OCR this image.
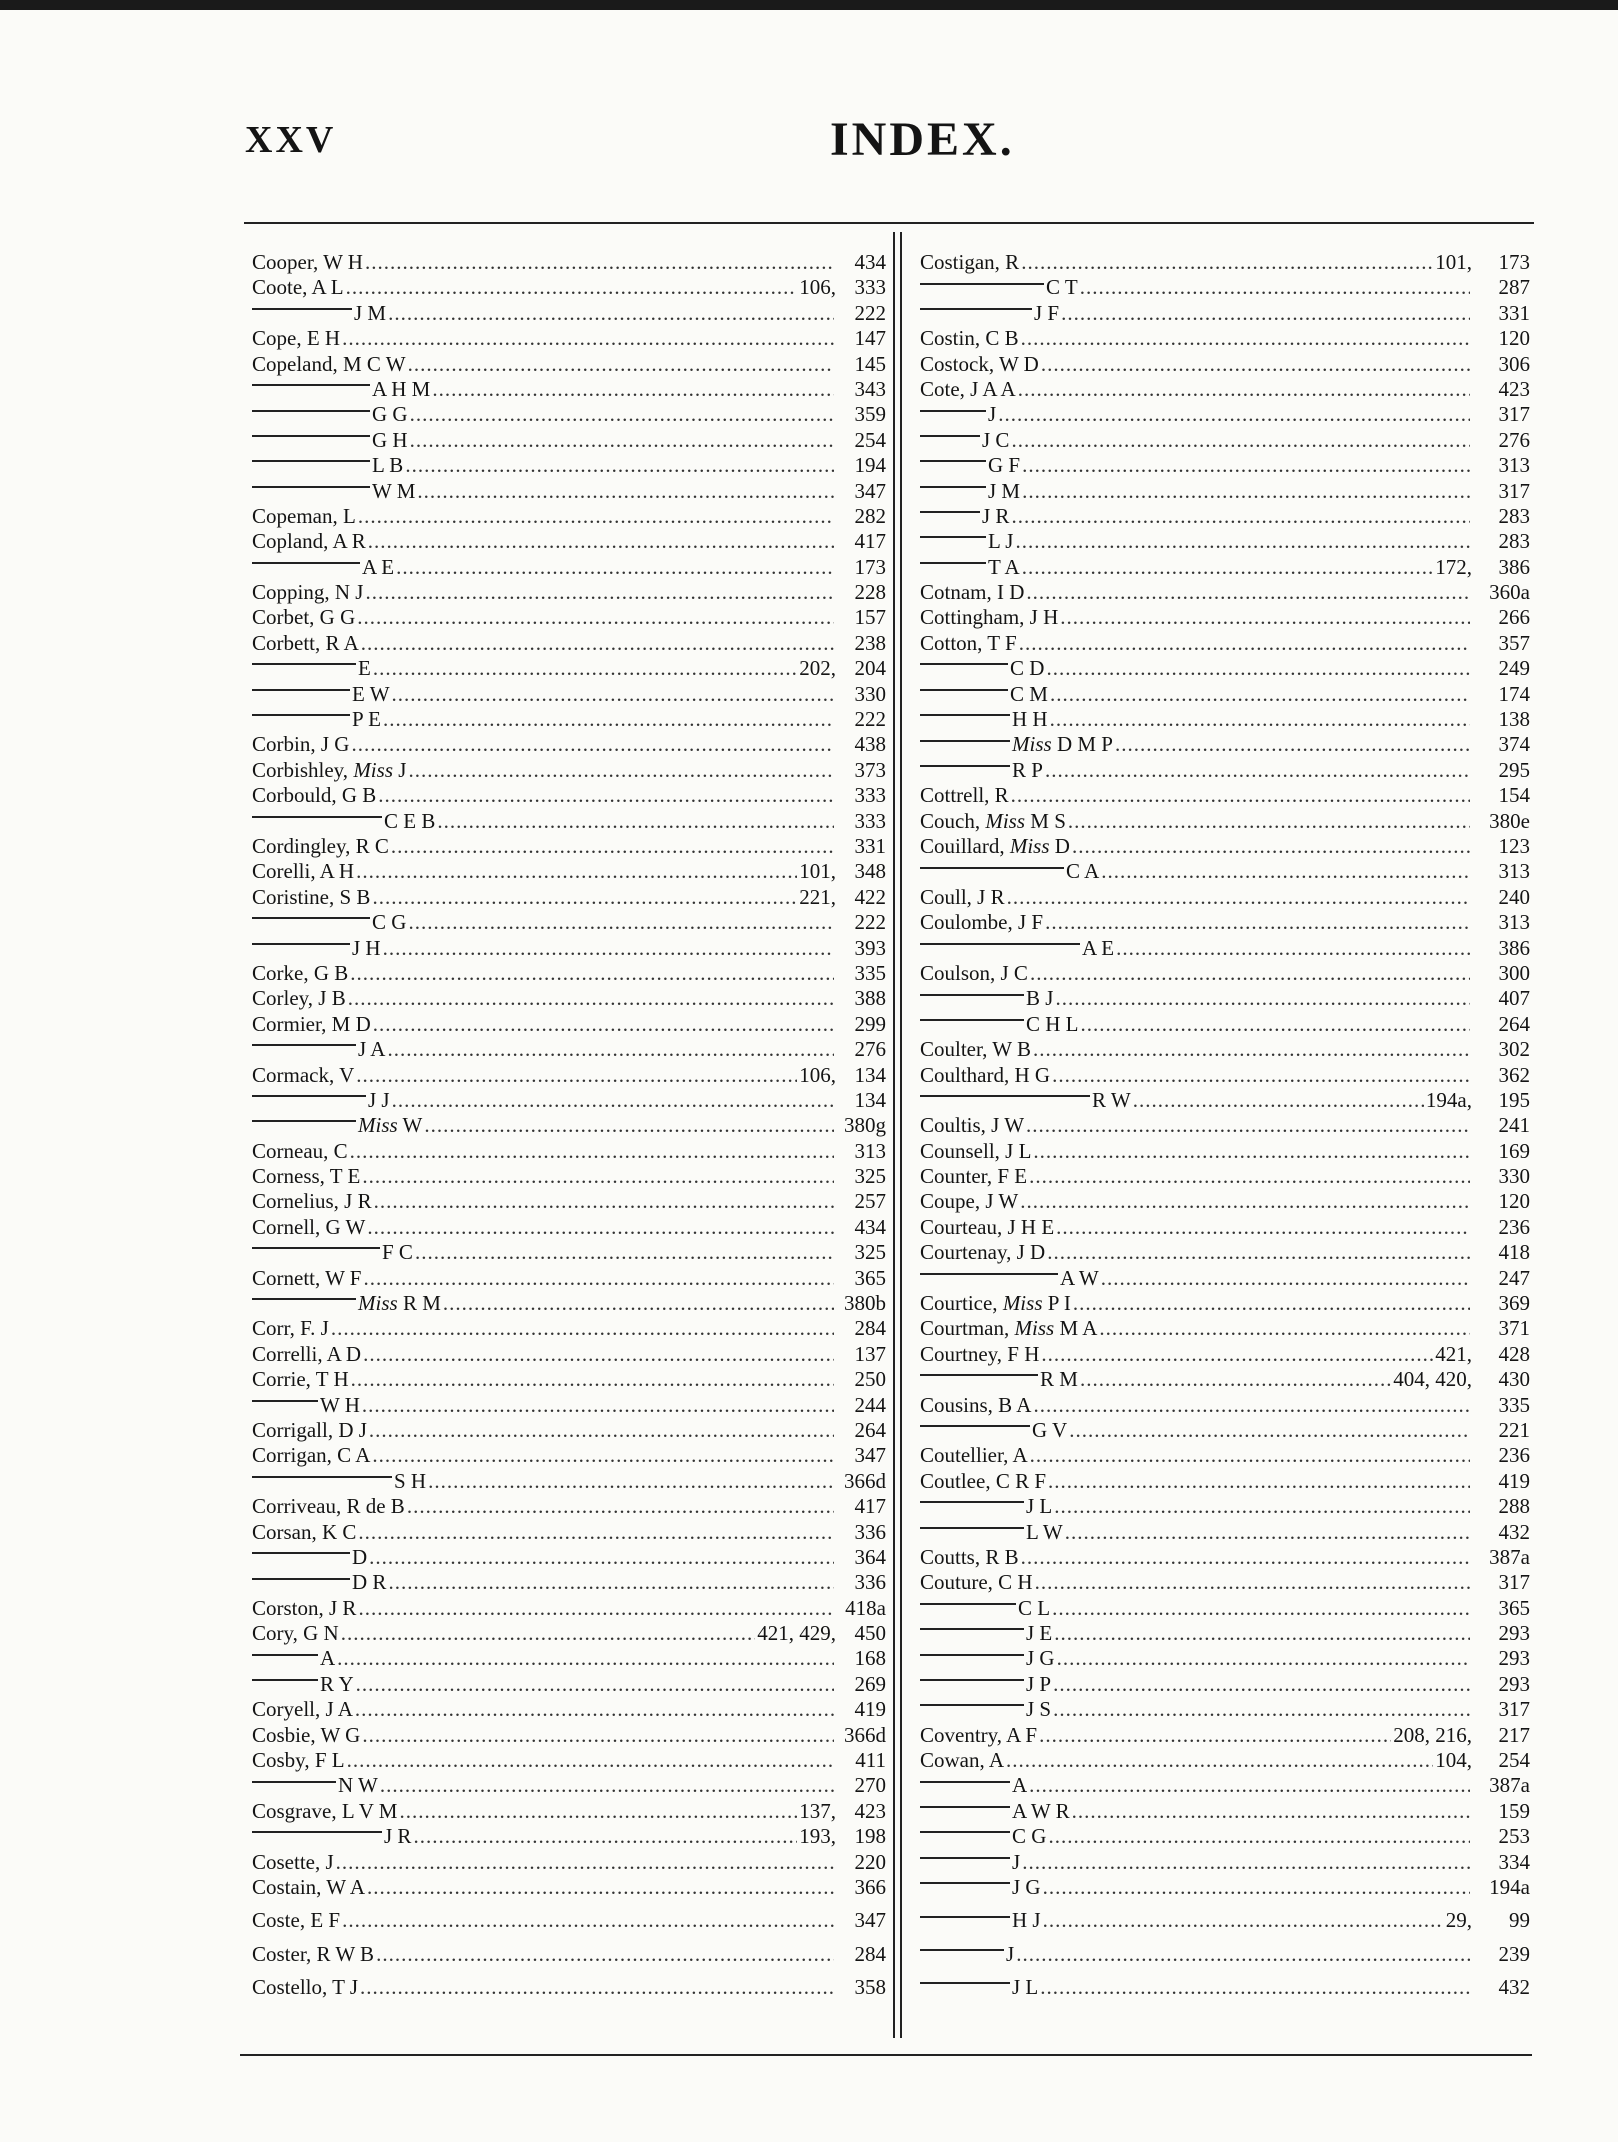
XXV	INDEX.
Cooper, W H .....	434
Coote, A L .....	106, 333
J M .....	222
Cope, E H .....	147
Copeland, M C W .....	145
A H M .....	343
G G .....	359
G H .....	254
L B .....	194
W M .....	347
Copeman, L .....	282
Copland, A R .....	417
A E .....	173
Copping, N J .....	228
Corbet, G G .....	157
Corbett, R A .....	238
E .....	202, 204
E W .....	330
P E .....	222
Corbin, J G .....	438
Corbishley, Miss J .....	373
Corbould, G B .....	333
C E B .....	333
Cordingley, R C .....	331
Corelli, A H .....	101, 348
Coristine, S B .....	221, 422
C G .....	222
J H .....	393
Corke, G B .....	335
Corley, J B .....	388
Cormier, M D .....	299
J A .....	276
Cormack, V .....	106, 134
J J .....	134
Miss W .....	380g
Corneau, C .....	313
Corness, T E .....	325
Cornelius, J R .....	257
Cornell, G W .....	434
F C .....	325
Cornett, W F .....	365
Miss R M .....	380b
Corr, F. J .....	284
Correlli, A D .....	137
Corrie, T H .....	250
W H .....	244
Corrigall, D J .....	264
Corrigan, C A .....	347
S H .....	366d
Corriveau, R de B .....	417
Corsan, K C .....	336
D .....	364
D R .....	336
Corston, J R .....	418a
Cory, G N .....	421, 429, 450
A .....	168
R Y .....	269
Coryell, J A .....	419
Cosbie, W G .....	366d
Cosby, F L .....	411
N W .....	270
Cosgrave, L V M .....	137, 423
J R .....	193, 198
Cosette, J .....	220
Costain, W A .....	366
Coste, E F .....	347
Coster, R W B .....	284
Costello, T J .....	358
Costigan, R .....	101,	173
C T .....	287
J F .....	331
Costin, C B .....	120
Costock, W D .....	306
Cote, J A A .....	423
J .....	317
J C .....	276
G F .....	313
J M .....	317
J R .....	283
L J .....	283
T A .....	172,	386
Cotnam, I D .....	360a
Cottingham, J H .....	266
Cotton, T F .....	357
C D .....	249
C M .....	174
H H .....	138
Miss D M P .....	374
R P .....	295
Cottrell, R .....	154
Couch, Miss M S .....	380e
Couillard, Miss D .....	123
C A .....	313
Coull, J R .....	240
Coulombe, J F .....	313
A E .....	386
Coulson, J C .....	300
B J .....	407
C H L .....	264
Coulter, W B .....	302
Coulthard, H G .....	362
R W .....	194a,	195
Coultis, J W .....	241
Counsell, J L .....	169
Counter, F E .....	330
Coupe, J W .....	120
Courteau, J H E .....	236
Courtenay, J D .....	418
A W .....	247
Courtice, Miss P I .....	369
Courtman, Miss M A .....	371
Courtney, F H .....	421,	428
R M .....	404, 420,	430
Cousins, B A .....	335
G V .....	221
Coutellier, A .....	236
Coutlee, C R F .....	419
J L .....	288
L W .....	432
Coutts, R B .....	387a
Couture, C H .....	317
C L .....	365
J E .....	293
J G .....	293
J P .....	293
J S .....	317
Coventry, A F .....	208, 216,	217
Cowan, A .....	104,	254
A .....	387a
A W R .....	159
C G .....	253
J .....	334
J G .....	194a
H J .....	29,	99
J .....	239
J L .....	432
